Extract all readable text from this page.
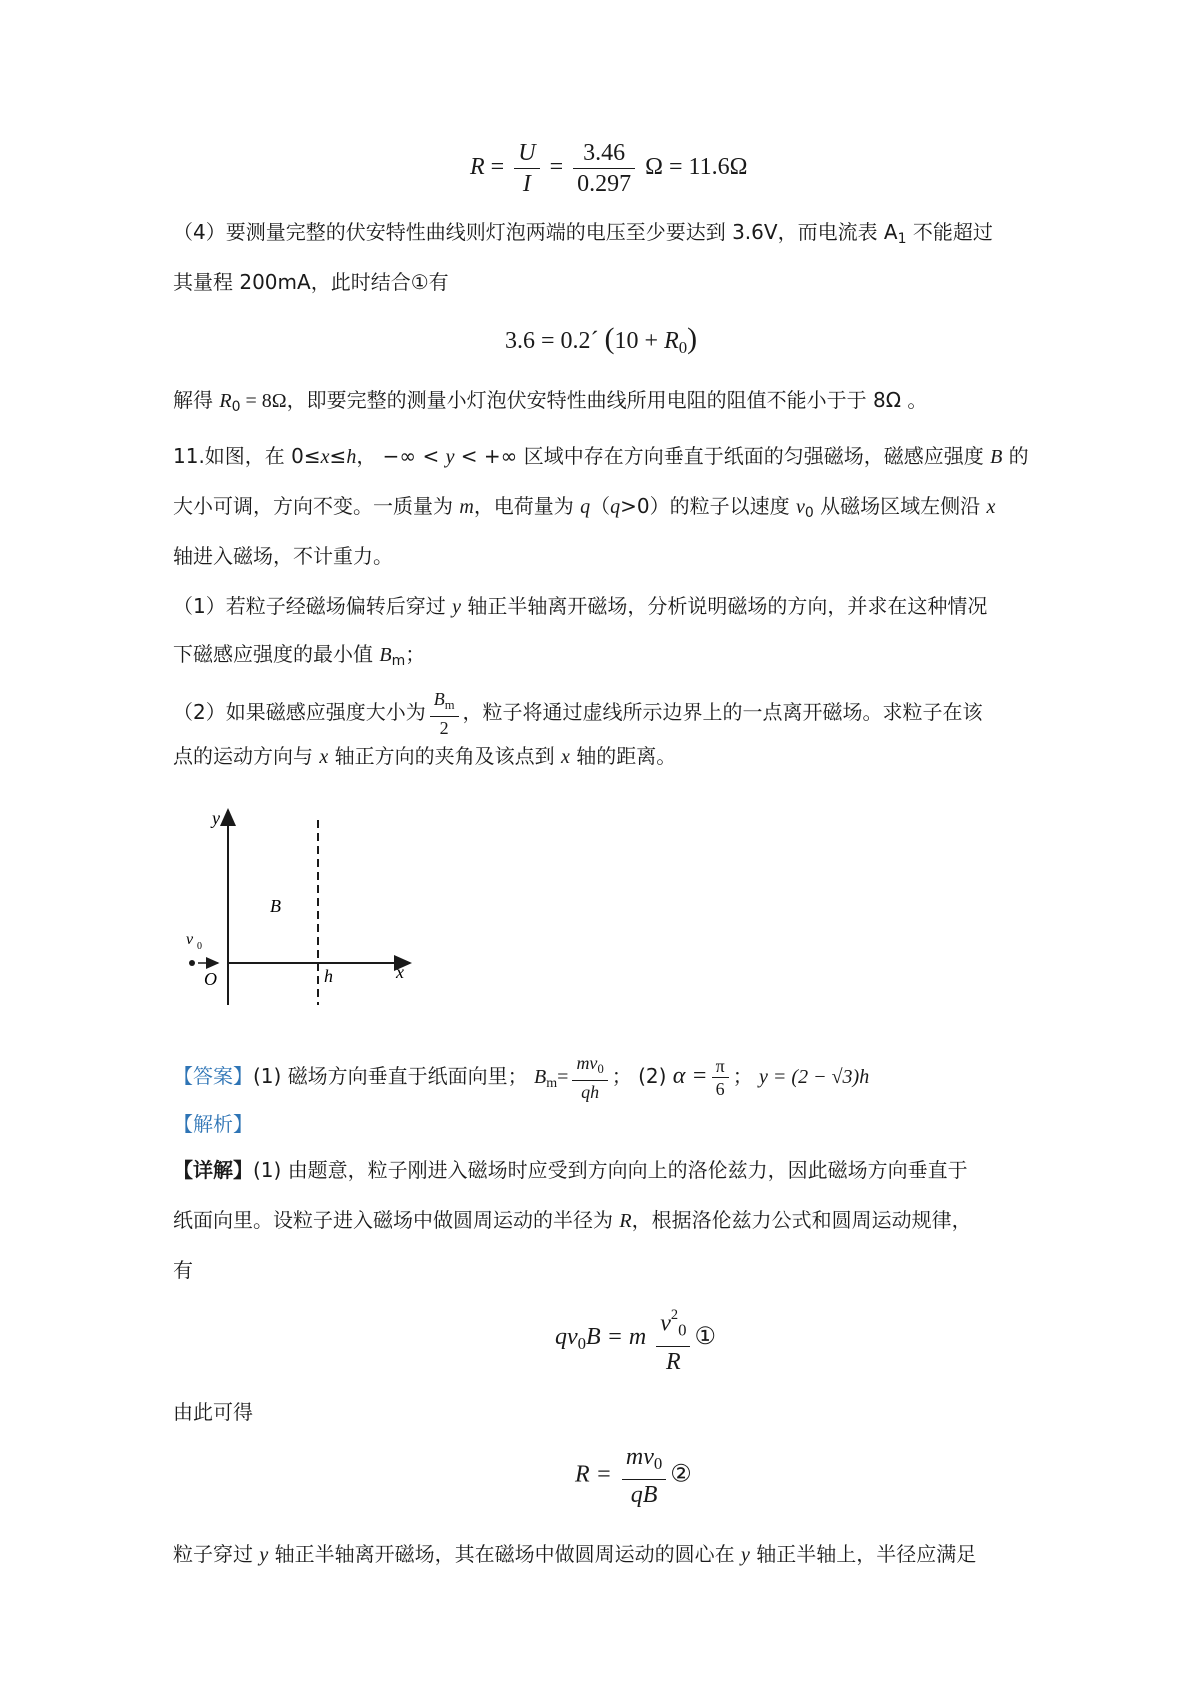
$R = \frac{U}{I} = \frac{3.46}{0.297}$ Ω = 11.6Ω
（4）要测量完整的伏安特性曲线则灯泡两端的电压至少要达到 3.6V，而电流表 $A_1$ 不能超过
其量程 200mA，此时结合①有
3.6 = 0.2´ $(10 + R_0)$
解得 $R_0 = 8\Omega$，即要完整的测量小灯泡伏安特性曲线所用电阻的阻值不能小于于 8Ω 。
11.如图，在 0≤x≤h， −∞ < y < +∞ 区域中存在方向垂直于纸面的匀强磁场，磁感应强度 B 的
大小可调，方向不变。一质量为 m，电荷量为 q（q>0）的粒子以速度 $v_0$ 从磁场区域左侧沿 x
轴进入磁场，不计重力。
（1）若粒子经磁场偏转后穿过 y 轴正半轴离开磁场，分析说明磁场的方向，并求在这种情况
下磁感应强度的最小值 $B_m$；
（2）如果磁感应强度大小为 $\frac{B_m}{2}$ ，粒子将通过虚线所示边界上的一点离开磁场。求粒子在该
点的运动方向与 x 轴正方向的夹角及该点到 x 轴的距离。
y
B
v 0
O	h	x
【答案】(1) 磁场方向垂直于纸面向里； $B_m= \frac{mv_0}{qh}$ ； (2) $\alpha = \frac{\pi}{6}$ ； y = (2 − √3)h
【解析】
【详解】(1) 由题意，粒子刚进入磁场时应受到方向向上的洛伦兹力，因此磁场方向垂直于
纸面向里。设粒子进入磁场中做圆周运动的半径为 R，根据洛伦兹力公式和圆周运动规律，
有
$qv_0B = m \frac{v^2_0}{R}$ ①
由此可得
$R = \frac{mv_0}{qB}$ ②
粒子穿过 y 轴正半轴离开磁场，其在磁场中做圆周运动的圆心在 y 轴正半轴上，半径应满足
